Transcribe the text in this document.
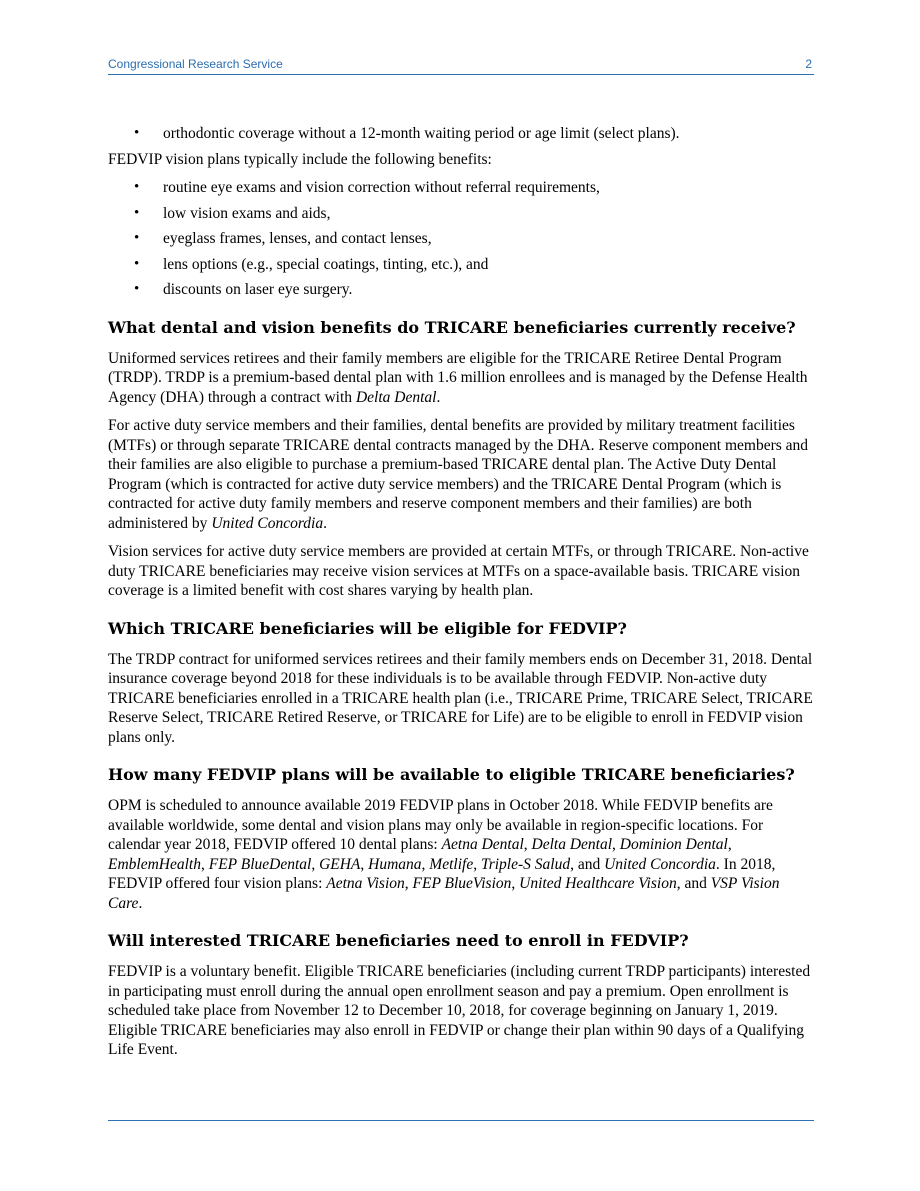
Congressional Research Service	2
• orthodontic coverage without a 12-month waiting period or age limit (select plans).

FEDVIP vision plans typically include the following benefits:

• routine eye exams and vision correction without referral requirements,
• low vision exams and aids,
• eyeglass frames, lenses, and contact lenses,
• lens options (e.g., special coatings, tinting, etc.), and
• discounts on laser eye surgery.
What dental and vision benefits do TRICARE beneficiaries currently receive?

Uniformed services retirees and their family members are eligible for the TRICARE Retiree Dental Program (TRDP). TRDP is a premium-based dental plan with 1.6 million enrollees and is managed by the Defense Health Agency (DHA) through a contract with Delta Dental.

For active duty service members and their families, dental benefits are provided by military treatment facilities (MTFs) or through separate TRICARE dental contracts managed by the DHA. Reserve component members and their families are also eligible to purchase a premium-based TRICARE dental plan. The Active Duty Dental Program (which is contracted for active duty service members) and the TRICARE Dental Program (which is contracted for active duty family members and reserve component members and their families) are both administered by United Concordia.

Vision services for active duty service members are provided at certain MTFs, or through TRICARE. Non-active duty TRICARE beneficiaries may receive vision services at MTFs on a space-available basis. TRICARE vision coverage is a limited benefit with cost shares varying by health plan.

Which TRICARE beneficiaries will be eligible for FEDVIP?

The TRDP contract for uniformed services retirees and their family members ends on December 31, 2018. Dental insurance coverage beyond 2018 for these individuals is to be available through FEDVIP. Non-active duty TRICARE beneficiaries enrolled in a TRICARE health plan (i.e., TRICARE Prime, TRICARE Select, TRICARE Reserve Select, TRICARE Retired Reserve, or TRICARE for Life) are to be eligible to enroll in FEDVIP vision plans only.

How many FEDVIP plans will be available to eligible TRICARE beneficiaries?

OPM is scheduled to announce available 2019 FEDVIP plans in October 2018. While FEDVIP benefits are available worldwide, some dental and vision plans may only be available in region-specific locations. For calendar year 2018, FEDVIP offered 10 dental plans: Aetna Dental, Delta Dental, Dominion Dental, EmblemHealth, FEP BlueDental, GEHA, Humana, Metlife, Triple-S Salud, and United Concordia. In 2018, FEDVIP offered four vision plans: Aetna Vision, FEP BlueVision, United Healthcare Vision, and VSP Vision Care.

Will interested TRICARE beneficiaries need to enroll in FEDVIP?

FEDVIP is a voluntary benefit. Eligible TRICARE beneficiaries (including current TRDP participants) interested in participating must enroll during the annual open enrollment season and pay a premium. Open enrollment is scheduled take place from November 12 to December 10, 2018, for coverage beginning on January 1, 2019. Eligible TRICARE beneficiaries may also enroll in FEDVIP or change their plan within 90 days of a Qualifying Life Event.
